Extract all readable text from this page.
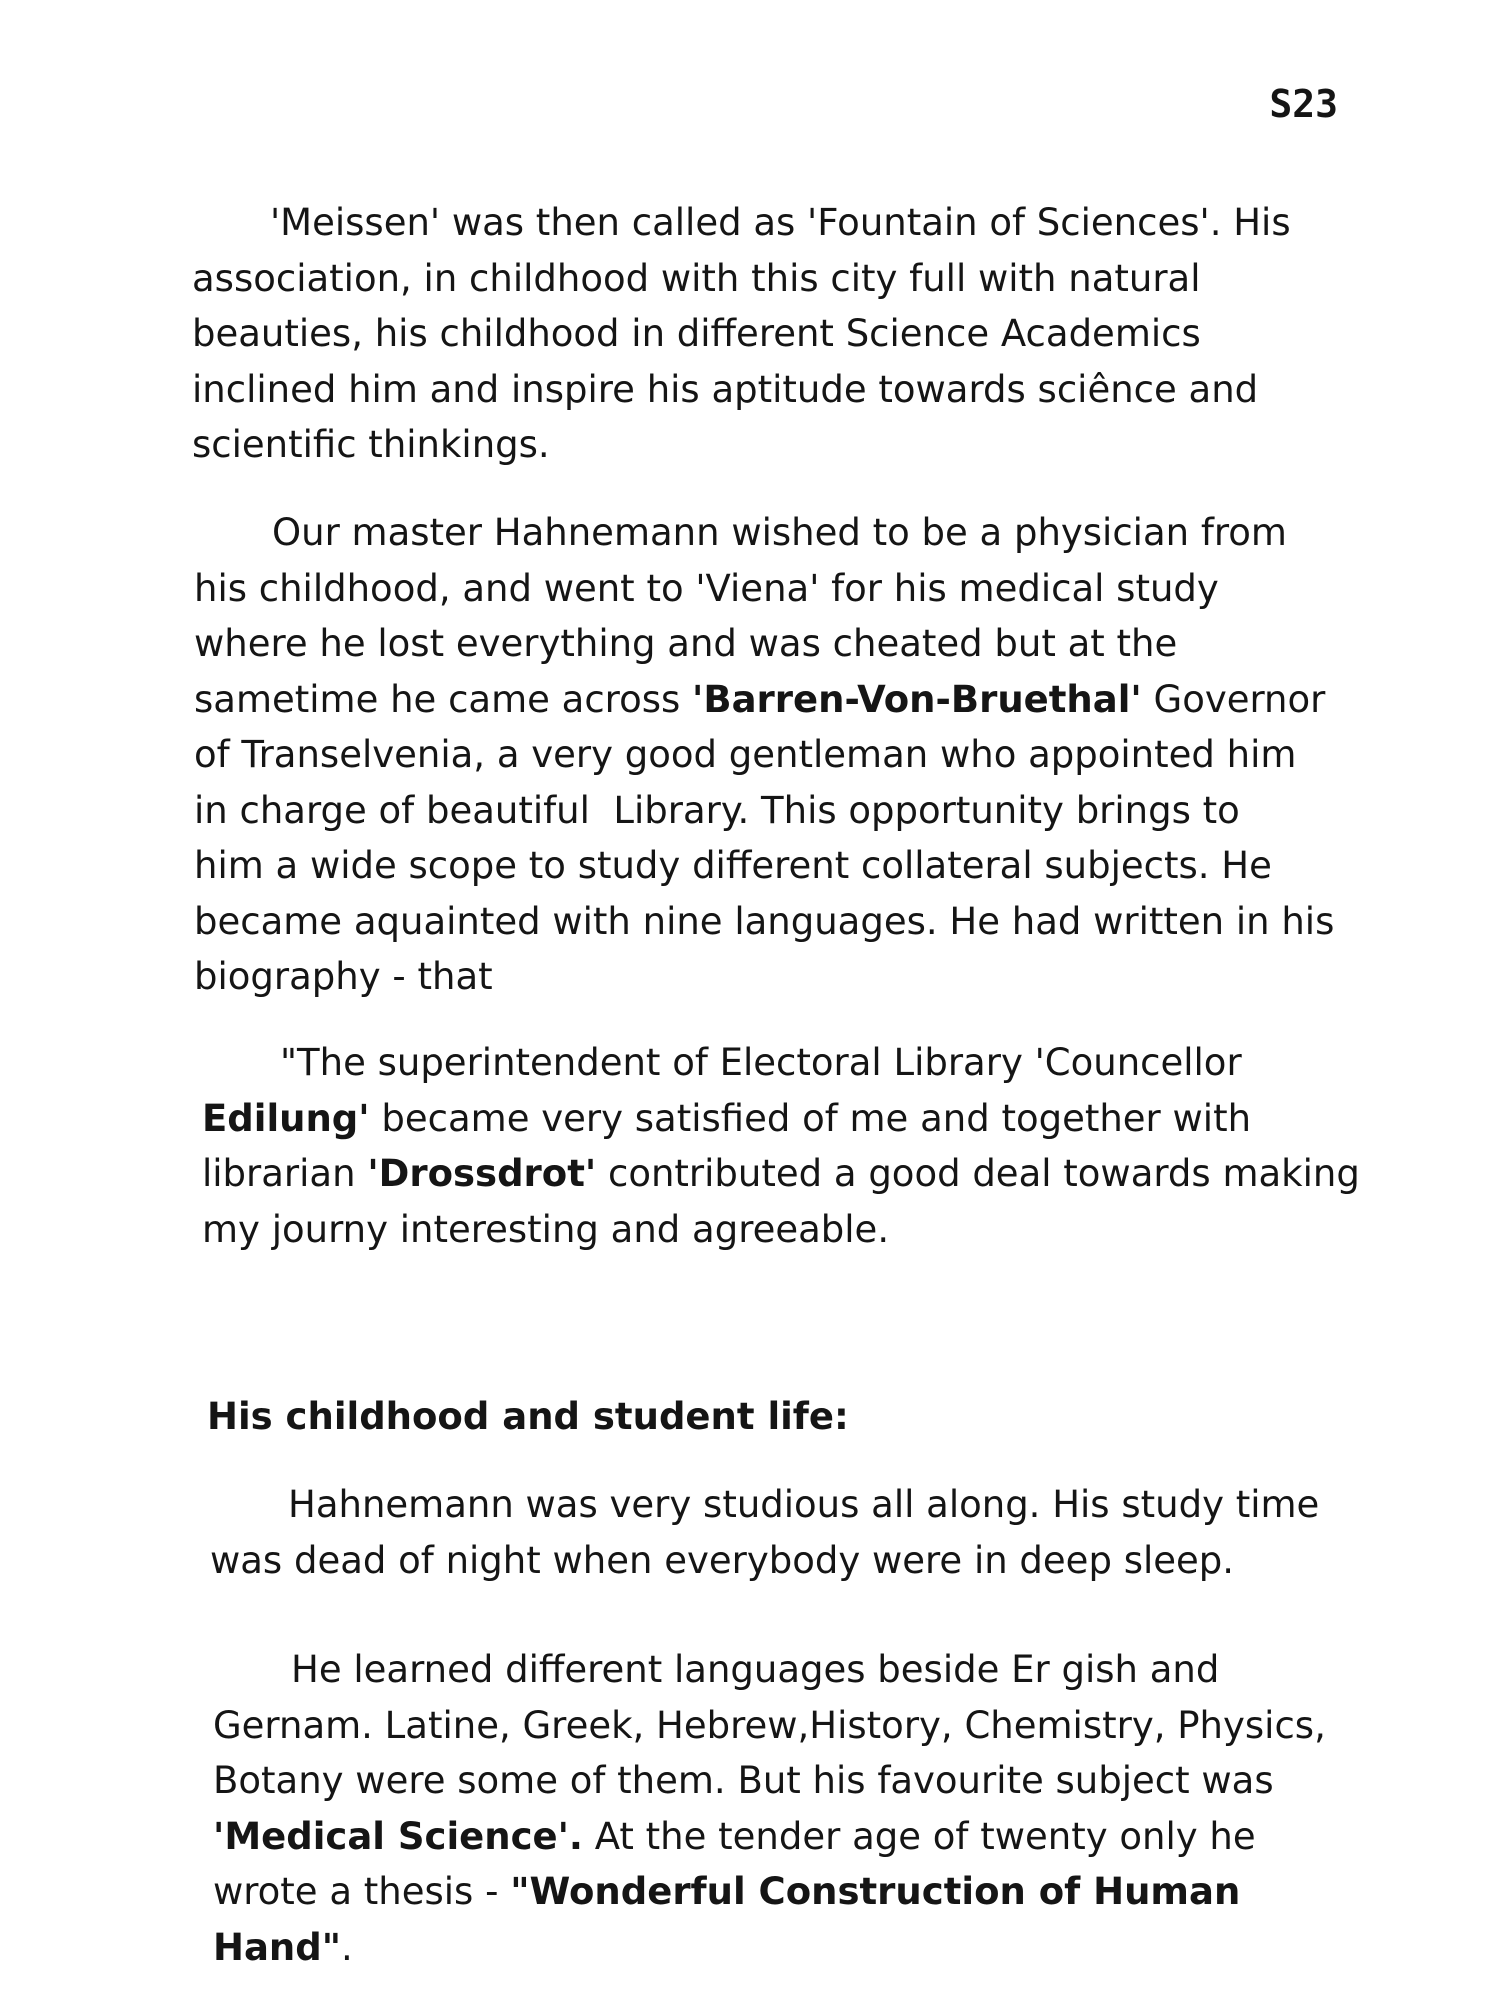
S23
'Meissen' was then called as 'Fountain of Sciences'. His
association, in childhood with this city full with natural
beauties, his childhood in different Science Academics
inclined him and inspire his aptitude towards sciênce and
scientific thinkings.
Our master Hahnemann wished to be a physician from
his childhood, and went to 'Viena' for his medical study
where he lost everything and was cheated but at the
sametime he came across 'Barren-Von-Bruethal' Governor
of Transelvenia, a very good gentleman who appointed him
in charge of beautiful  Library. This opportunity brings to
him a wide scope to study different collateral subjects. He
became aquainted with nine languages. He had written in his
biography - that
"The superintendent of Electoral Library 'Councellor
Edilung' became very satisfied of me and together with
librarian 'Drossdrot' contributed a good deal towards making
my journy interesting and agreeable.
His childhood and student life:
Hahnemann was very studious all along. His study time
was dead of night when everybody were in deep sleep.
He learned different languages beside Er gish and
Gernam. Latine, Greek, Hebrew,History, Chemistry, Physics,
Botany were some of them. But his favourite subject was
'Medical Science'. At the tender age of twenty only he
wrote a thesis - "Wonderful Construction of Human
Hand".
